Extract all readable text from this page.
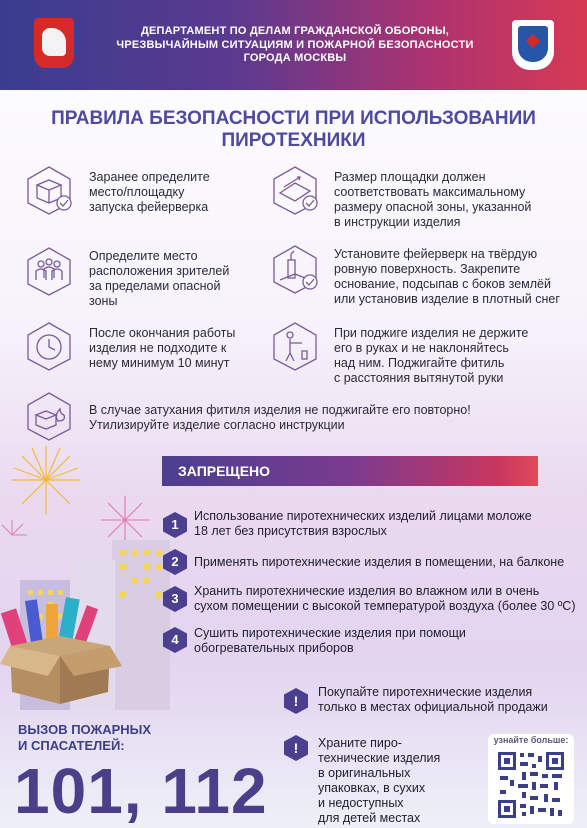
ДЕПАРТАМЕНТ ПО ДЕЛАМ ГРАЖДАНСКОЙ ОБОРОНЫ,
ЧРЕЗВЫЧАЙНЫМ СИТУАЦИЯМ И ПОЖАРНОЙ БЕЗОПАСНОСТИ
ГОРОДА МОСКВЫ
ПРАВИЛА БЕЗОПАСНОСТИ ПРИ ИСПОЛЬЗОВАНИИ
ПИРОТЕХНИКИ
Заранее определите
место/площадку
запуска фейерверка
Размер площадки должен
соответствовать максимальному
размеру опасной зоны, указанной
в инструкции изделия
Определите место
расположения зрителей
за пределами опасной
зоны
Установите фейерверк на твёрдую
ровную поверхность. Закрепите
основание, подсыпав с боков землёй
или установив изделие в плотный снег
После окончания работы
изделия не подходите к
нему минимум 10 минут
При поджиге изделия не держите
его в руках и не наклоняйтесь
над ним. Поджигайте фитиль
с расстояния вытянутой руки
В случае затухания фитиля изделия не поджигайте его повторно!
Утилизируйте изделие согласно инструкции
ЗАПРЕЩЕНО
1
Использование пиротехнических изделий лицами моложе
18 лет без присутствия взрослых
2	Применять пиротехнические изделия в помещении, на балконе
3	Хранить пиротехнические изделия во влажном или в очень
сухом помещении с высокой температурой воздуха (более 30 ºС)
4	Сушить пиротехнические изделия при помощи
обогревательных приборов
!
Покупайте пиротехнические изделия
только в местах официальной продажи
!	Храните пиро-
технические изделия
в оригинальных
упаковках, в сухих
и недоступных
для детей местах
ВЫЗОВ ПОЖАРНЫХ
И СПАСАТЕЛЕЙ:
101, 112
узнайте больше:
